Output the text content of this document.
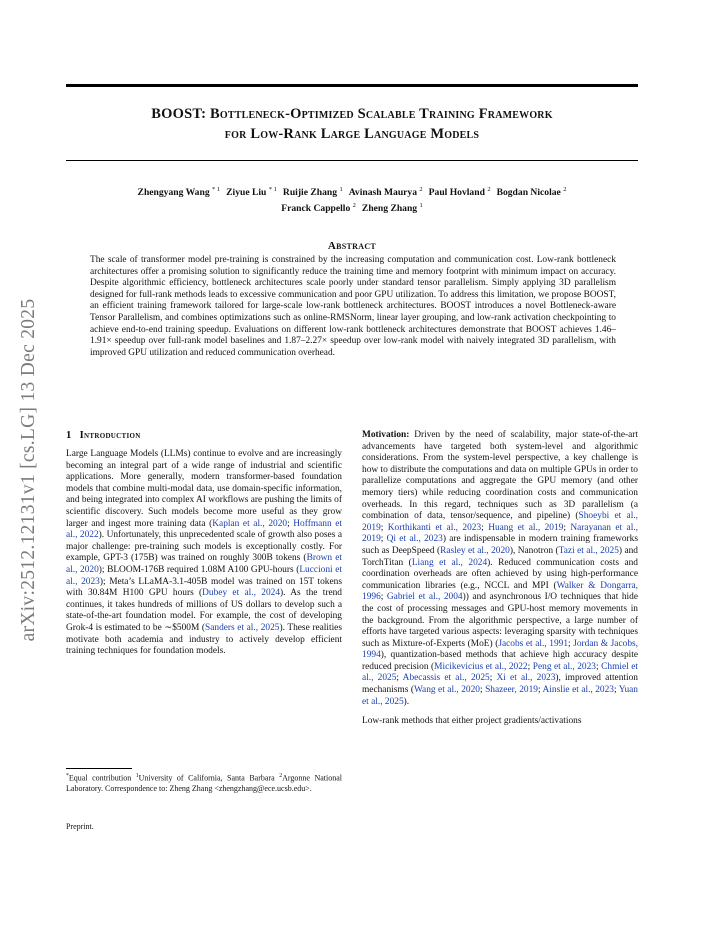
arXiv:2512.12131v1 [cs.LG] 13 Dec 2025
BOOST: Bottleneck-Optimized Scalable Training Framework
for Low-Rank Large Language Models
Zhengyang Wang $^{* 1}$ Ziyue Liu $^{* 1}$ Ruijie Zhang $^1$ Avinash Maurya $^2$ Paul Hovland $^2$ Bogdan Nicolae $^2$
Franck Cappello $^2$ Zheng Zhang $^1$
Abstract
The scale of transformer model pre-training is constrained by the increasing computation and communication cost. Low-rank bottleneck architectures offer a promising solution to significantly reduce the training time and memory footprint with minimum impact on accuracy. Despite algorithmic efficiency, bottleneck architectures scale poorly under standard tensor parallelism. Simply applying 3D parallelism designed for full-rank methods leads to excessive communication and poor GPU utilization. To address this limitation, we propose BOOST, an efficient training framework tailored for large-scale low-rank bottleneck architectures. BOOST introduces a novel Bottleneck-aware Tensor Parallelism, and combines optimizations such as online-RMSNorm, linear layer grouping, and low-rank activation checkpointing to achieve end-to-end training speedup. Evaluations on different low-rank bottleneck architectures demonstrate that BOOST achieves 1.46–1.91× speedup over full-rank model baselines and 1.87–2.27× speedup over low-rank model with naively integrated 3D parallelism, with improved GPU utilization and reduced communication overhead.
1 Introduction
Large Language Models (LLMs) continue to evolve and are increasingly becoming an integral part of a wide range of industrial and scientific applications. More generally, modern transformer-based foundation models that combine multi-modal data, use domain-specific information, and being integrated into complex AI workflows are pushing the limits of scientific discovery. Such models become more useful as they grow larger and ingest more training data (Kaplan et al., 2020; Hoffmann et al., 2022). Unfortunately, this unprecedented scale of growth also poses a major challenge: pre-training such models is exceptionally costly. For example, GPT-3 (175B) was trained on roughly 300B tokens (Brown et al., 2020); BLOOM-176B required 1.08M A100 GPU-hours (Luccioni et al., 2023); Meta’s LLaMA-3.1-405B model was trained on 15T tokens with 30.84M H100 GPU hours (Dubey et al., 2024). As the trend continues, it takes hundreds of millions of US dollars to develop such a state-of-the-art foundation model. For example, the cost of developing Grok-4 is estimated to be ∼$500M (Sanders et al., 2025). These realities motivate both academia and industry to actively develop efficient training techniques for foundation models.
Motivation: Driven by the need of scalability, major state-of-the-art advancements have targeted both system-level and algorithmic considerations. From the system-level perspective, a key challenge is how to distribute the computations and data on multiple GPUs in order to parallelize computations and aggregate the GPU memory (and other memory tiers) while reducing coordination costs and communication overheads. In this regard, techniques such as 3D parallelism (a combination of data, tensor/sequence, and pipeline) (Shoeybi et al., 2019; Korthikanti et al., 2023; Huang et al., 2019; Narayanan et al., 2019; Qi et al., 2023) are indispensable in modern training frameworks such as DeepSpeed (Rasley et al., 2020), Nanotron (Tazi et al., 2025) and TorchTitan (Liang et al., 2024). Reduced communication costs and coordination overheads are often achieved by using high-performance communication libraries (e.g., NCCL and MPI (Walker & Dongarra, 1996; Gabriel et al., 2004)) and asynchronous I/O techniques that hide the cost of processing messages and GPU-host memory movements in the background. From the algorithmic perspective, a large number of efforts have targeted various aspects: leveraging sparsity with techniques such as Mixture-of-Experts (MoE) (Jacobs et al., 1991; Jordan & Jacobs, 1994), quantization-based methods that achieve high accuracy despite reduced precision (Micikevicius et al., 2022; Peng et al., 2023; Chmiel et al., 2025; Abecassis et al., 2025; Xi et al., 2023), improved attention mechanisms (Wang et al., 2020; Shazeer, 2019; Ainslie et al., 2023; Yuan et al., 2025).
Low-rank methods that either project gradients/activations
*Equal contribution $^1$University of California, Santa Barbara $^2$Argonne National Laboratory. Correspondence to: Zheng Zhang <zhengzhang@ece.ucsb.edu>.
Preprint.
